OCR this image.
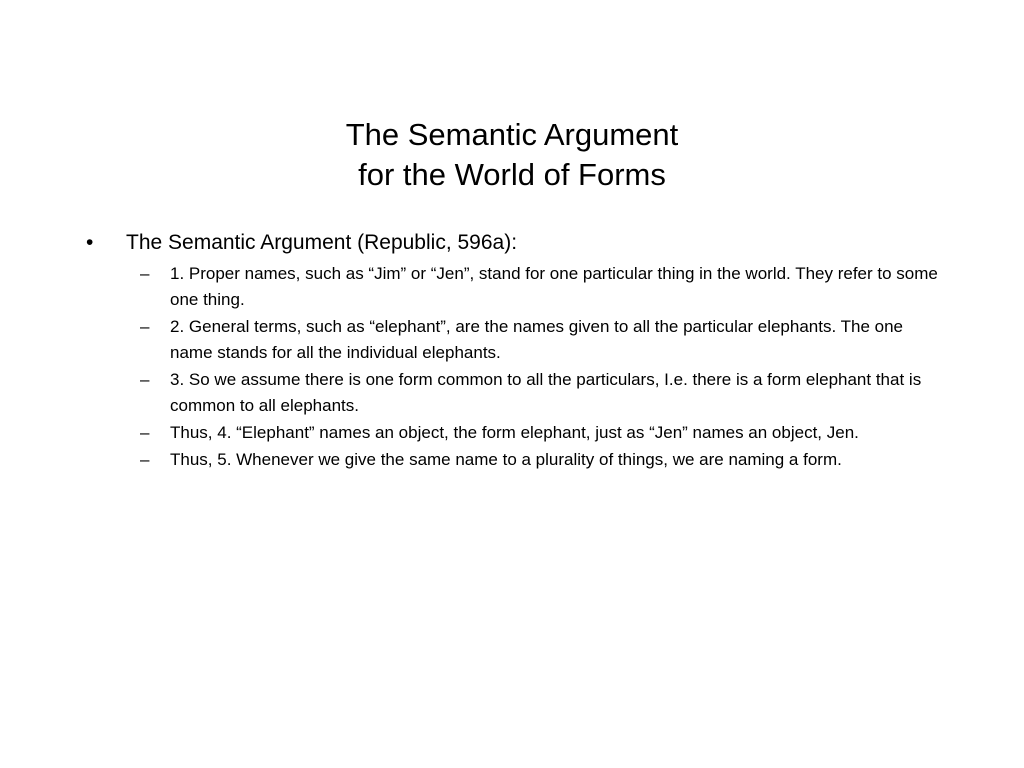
The Semantic Argument
for the World of Forms
•	The Semantic Argument (Republic, 596a):
– 1. Proper names, such as “Jim” or “Jen”, stand for one particular thing in the world. They refer to some one thing.
– 2. General terms, such as “elephant”, are the names given to all the particular elephants. The one name stands for all the individual elephants.
– 3. So we assume there is one form common to all the particulars, I.e. there is a form elephant that is common to all elephants.
– Thus, 4. “Elephant” names an object, the form elephant, just as “Jen” names an object, Jen.
– Thus, 5. Whenever we give the same name to a plurality of things, we are naming a form.
